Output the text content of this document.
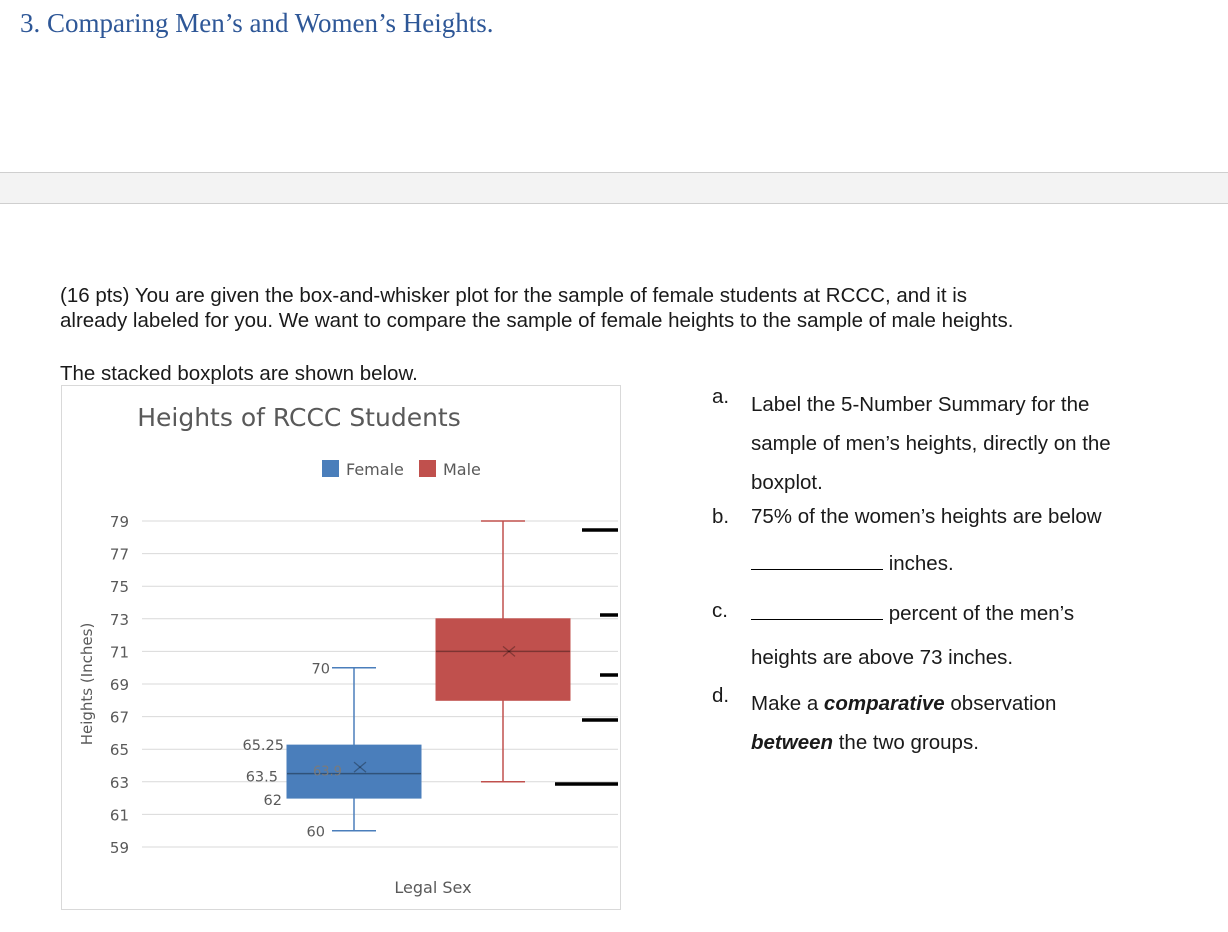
3. Comparing Men’s and Women’s Heights.

(16 pts) You are given the box-and-whisker plot for the sample of female students at RCCC, and it is

already labeled for you. We want to compare the sample of female heights to the sample of male heights.

The stacked boxplots are shown below.
Heights of RCCC Students
Female Male
59
61
63
65
67
69
71
73
75
77
79
Heights (Inches)
Legal Sex
70
65.25
63.5	63.9
62
60
a. Label the 5-Number Summary for the
sample of men’s heights, directly on the
boxplot.
b. 75% of the women’s heights are below
inches.
c.	percent of the men’s
heights are above 73 inches.
d. Make a comparative observation
between the two groups.
